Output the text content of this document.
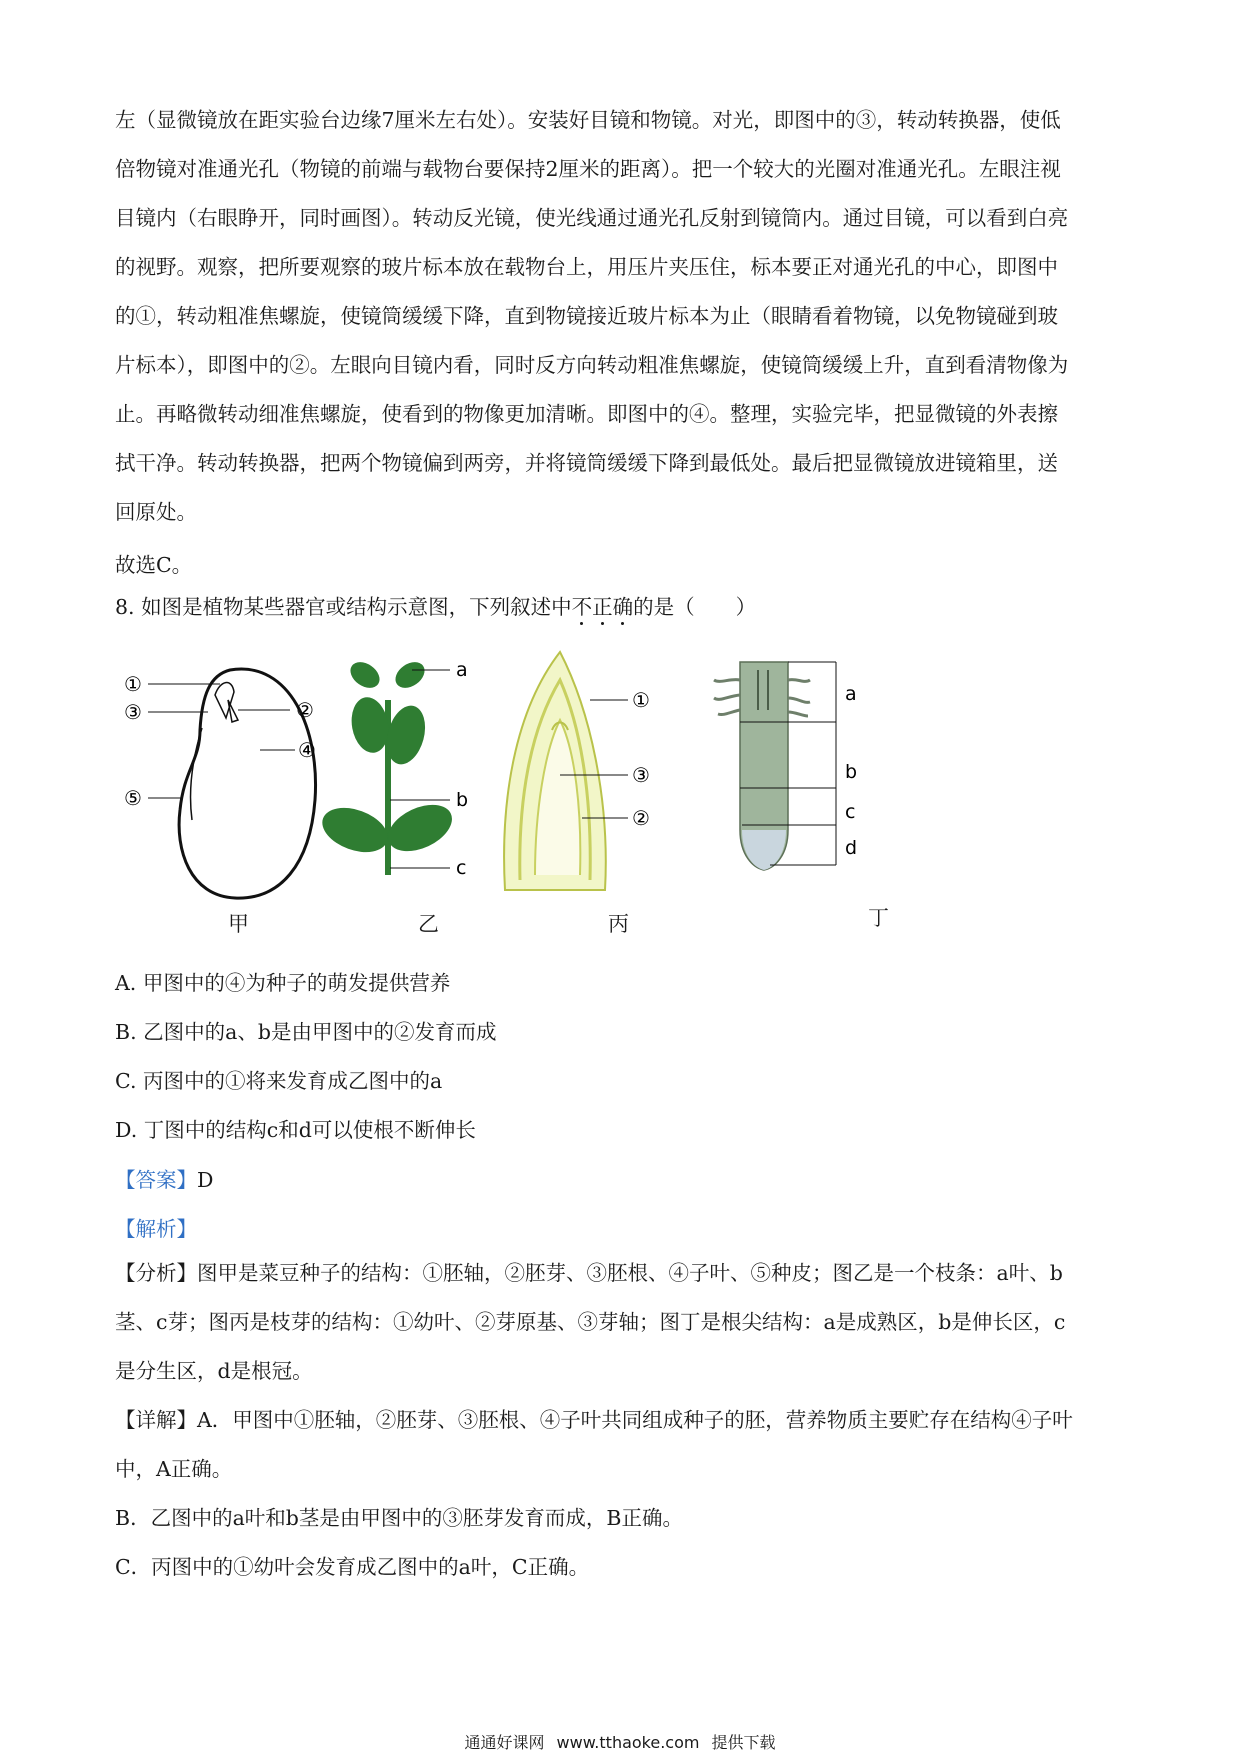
左（显微镜放在距实验台边缘7厘米左右处）。安装好目镜和物镜。对光，即图中的③，转动转换器，使低
倍物镜对准通光孔（物镜的前端与载物台要保持2厘米的距离）。把一个较大的光圈对准通光孔。左眼注视
目镜内（右眼睁开，同时画图）。转动反光镜，使光线通过通光孔反射到镜筒内。通过目镜，可以看到白亮
的视野。观察，把所要观察的玻片标本放在载物台上，用压片夹压住，标本要正对通光孔的中心，即图中
的①，转动粗准焦螺旋，使镜筒缓缓下降，直到物镜接近玻片标本为止（眼睛看着物镜，以免物镜碰到玻
片标本），即图中的②。左眼向目镜内看，同时反方向转动粗准焦螺旋，使镜筒缓缓上升，直到看清物像为
止。再略微转动细准焦螺旋，使看到的物像更加清晰。即图中的④。整理，实验完毕，把显微镜的外表擦
拭干净。转动转换器，把两个物镜偏到两旁，并将镜筒缓缓下降到最低处。最后把显微镜放进镜箱里，送
回原处。
故选C。
8. 如图是植物某些器官或结构示意图，下列叙述中不正确的是（　　）
①
②
③
④
⑤
a
b
c
①
②
③
a
b
c
d
甲	乙	丙	丁
A. 甲图中的④为种子的萌发提供营养
B. 乙图中的a、b是由甲图中的②发育而成
C. 丙图中的①将来发育成乙图中的a
D. 丁图中的结构c和d可以使根不断伸长
【答案】D
【解析】
【分析】图甲是菜豆种子的结构：①胚轴，②胚芽、③胚根、④子叶、⑤种皮；图乙是一个枝条：a叶、b
茎、c芽；图丙是枝芽的结构：①幼叶、②芽原基、③芽轴；图丁是根尖结构：a是成熟区，b是伸长区，c
是分生区，d是根冠。
【详解】A．甲图中①胚轴，②胚芽、③胚根、④子叶共同组成种子的胚，营养物质主要贮存在结构④子叶
中，A正确。
B．乙图中的a叶和b茎是由甲图中的③胚芽发育而成，B正确。
C．丙图中的①幼叶会发育成乙图中的a叶，C正确。
通通好课网 www.tthaoke.com 提供下载
